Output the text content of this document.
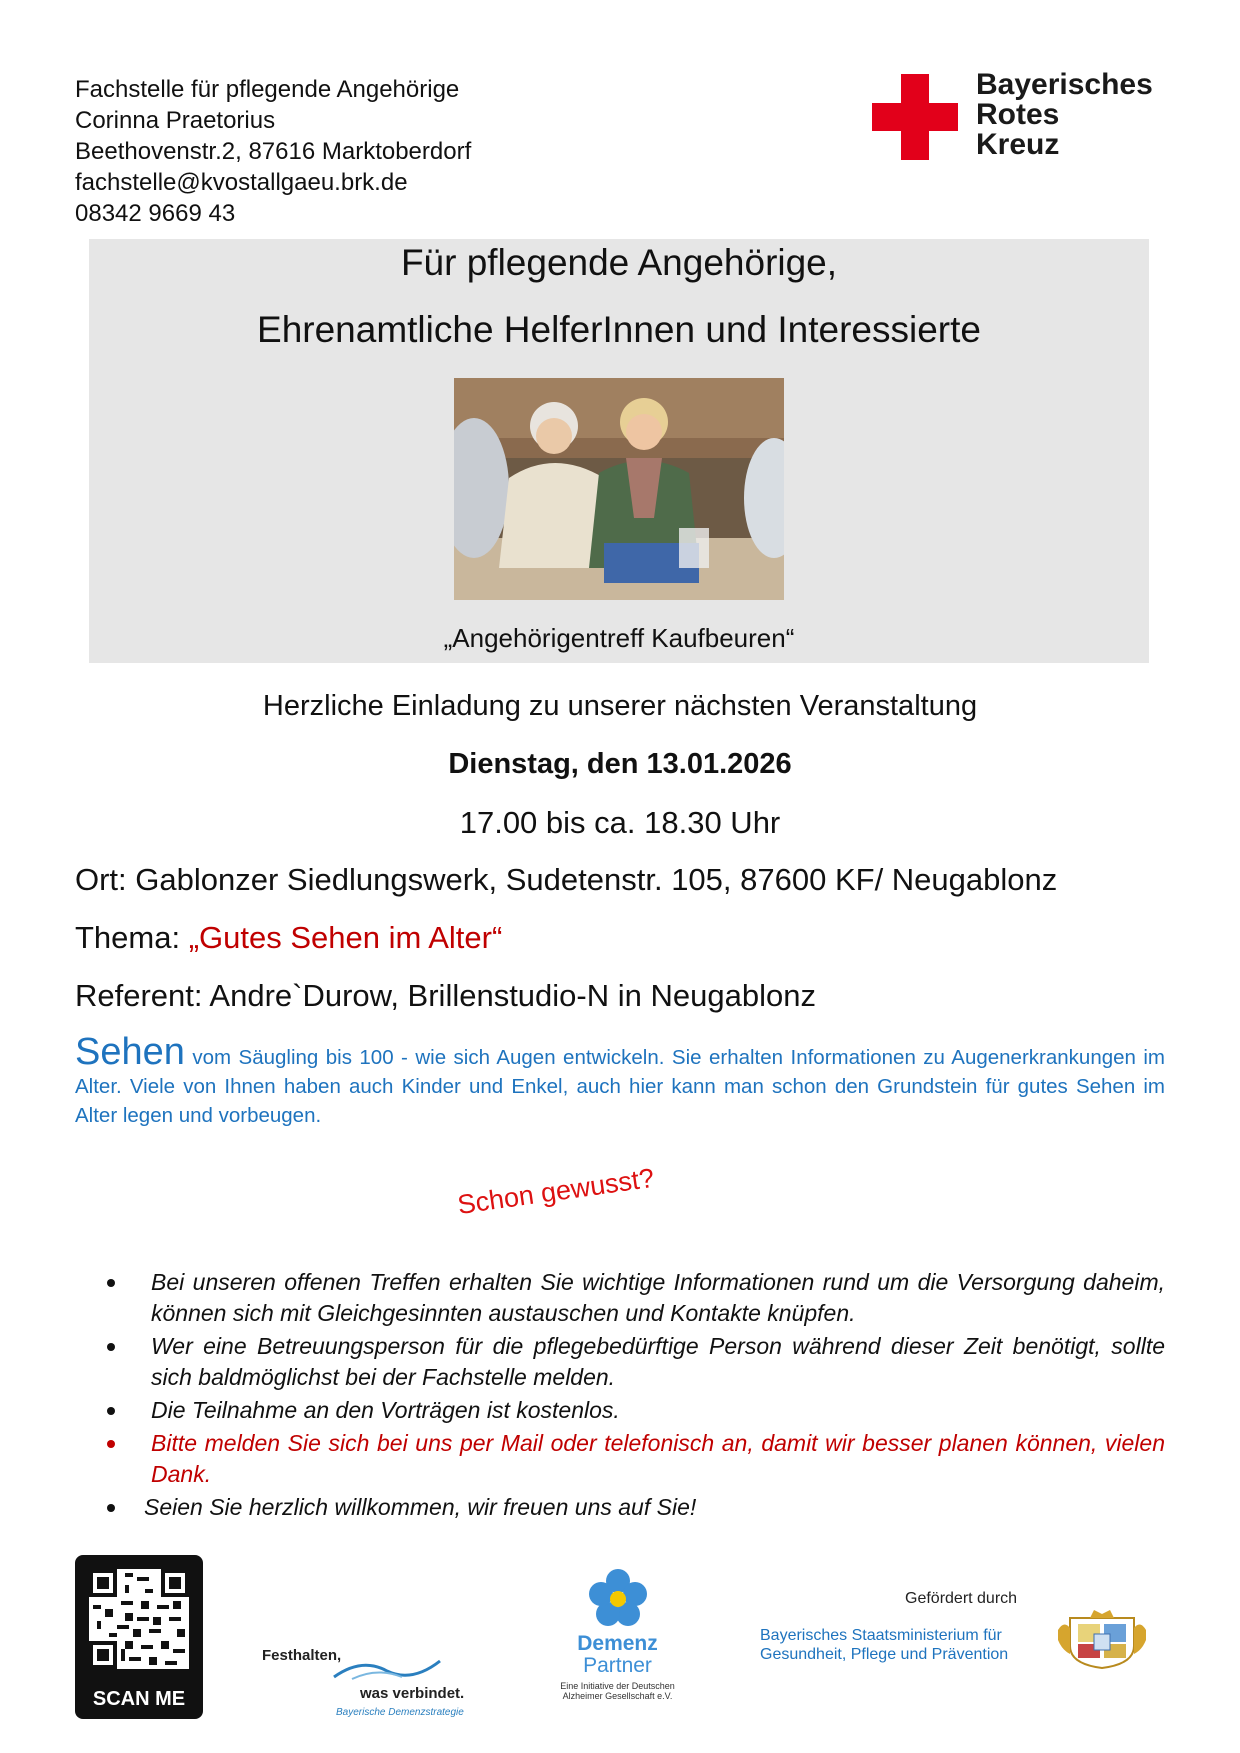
Fachstelle für pflegende Angehörige
Corinna Praetorius
Beethovenstr.2, 87616 Marktoberdorf
fachstelle@kvostallgaeu.brk.de
08342 9669 43
Bayerisches
Rotes
Kreuz
Für pflegende Angehörige,
Ehrenamtliche HelferInnen und Interessierte
„Angehörigentreff Kaufbeuren“
Herzliche Einladung zu unserer nächsten Veranstaltung
Dienstag, den 13.01.2026
17.00 bis ca. 18.30 Uhr
Ort: Gablonzer Siedlungswerk, Sudetenstr. 105, 87600 KF/ Neugablonz
Thema: „Gutes Sehen im Alter“
Referent: Andre`Durow, Brillenstudio-N in Neugablonz
Sehen vom Säugling bis 100 - wie sich Augen entwickeln. Sie erhalten Informationen zu Augenerkrankungen im Alter. Viele von Ihnen haben auch Kinder und Enkel, auch hier kann man schon den Grundstein für gutes Sehen im Alter legen und vorbeugen.
Schon gewusst?
Bei unseren offenen Treffen erhalten Sie wichtige Informationen rund um die Versorgung daheim, können sich mit Gleichgesinnten austauschen und Kontakte knüpfen.
Wer eine Betreuungsperson für die pflegebedürftige Person während dieser Zeit benötigt, sollte sich baldmöglichst bei der Fachstelle melden.
Die Teilnahme an den Vorträgen ist kostenlos.
Bitte melden Sie sich bei uns per Mail oder telefonisch an, damit wir besser planen können, vielen Dank.
Seien Sie herzlich willkommen, wir freuen uns auf Sie!
SCAN ME
Festhalten,
was verbindet.
Bayerische Demenzstrategie
Demenz
Partner
Eine Initiative der Deutschen
Alzheimer Gesellschaft e.V.
Gefördert durch
Bayerisches Staatsministerium für
Gesundheit, Pflege und Prävention
